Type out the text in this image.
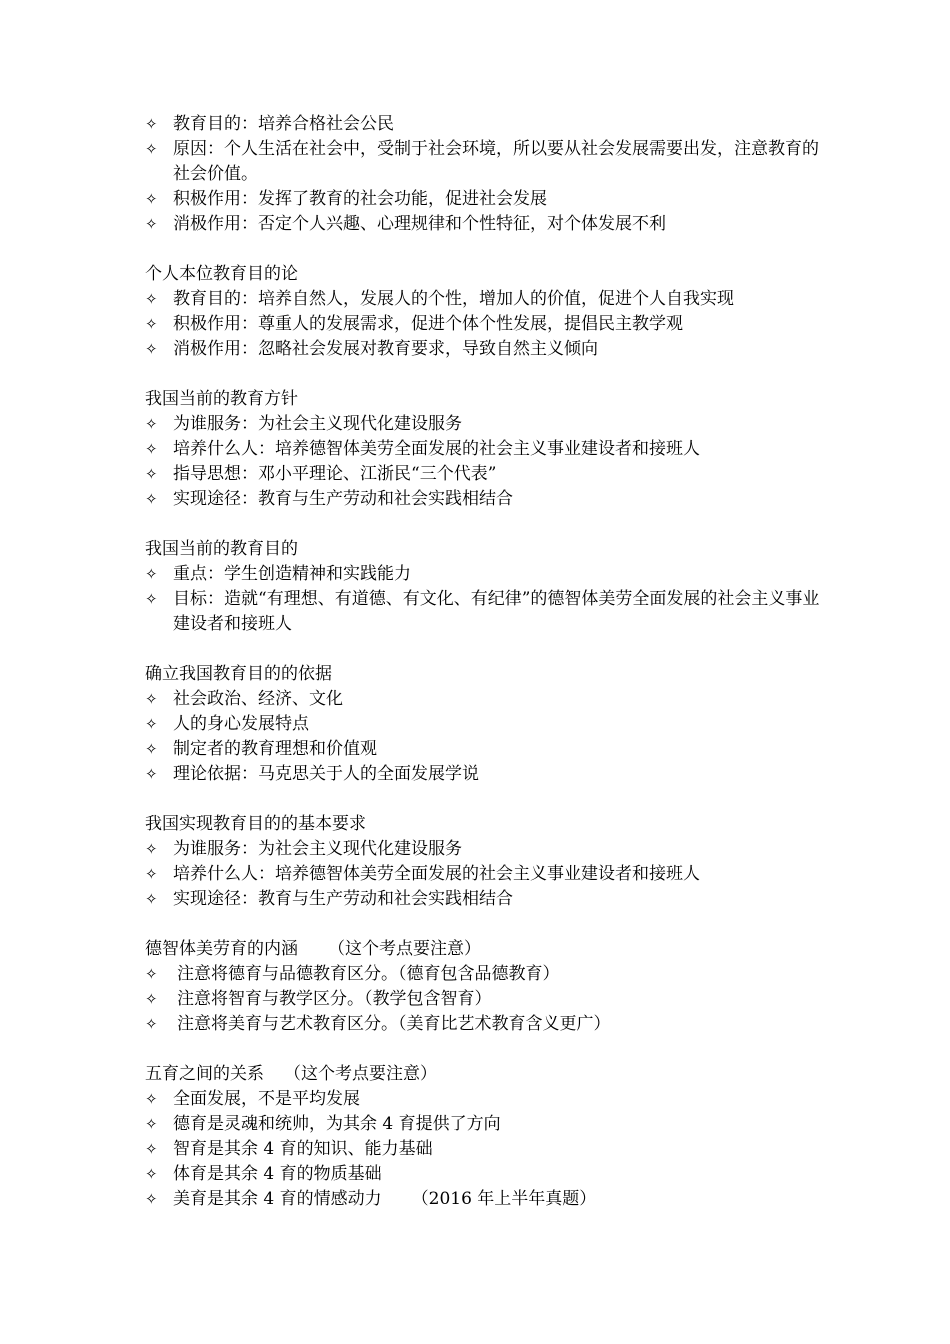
✧ 教育目的：培养合格社会公民
✧ 原因：个人生活在社会中，受制于社会环境，所以要从社会发展需要出发，注意教育的社会价值。
✧ 积极作用：发挥了教育的社会功能，促进社会发展
✧ 消极作用：否定个人兴趣、心理规律和个性特征，对个体发展不利
个人本位教育目的论
✧ 教育目的：培养自然人，发展人的个性，增加人的价值，促进个人自我实现
✧ 积极作用：尊重人的发展需求，促进个体个性发展，提倡民主教学观
✧ 消极作用：忽略社会发展对教育要求，导致自然主义倾向
我国当前的教育方针
✧ 为谁服务：为社会主义现代化建设服务
✧ 培养什么人：培养德智体美劳全面发展的社会主义事业建设者和接班人
✧ 指导思想：邓小平理论、江浙民“三个代表”
✧ 实现途径：教育与生产劳动和社会实践相结合
我国当前的教育目的
✧ 重点：学生创造精神和实践能力
✧ 目标：造就“有理想、有道德、有文化、有纪律”的德智体美劳全面发展的社会主义事业建设者和接班人
确立我国教育目的的依据
✧ 社会政治、经济、文化
✧ 人的身心发展特点
✧ 制定者的教育理想和价值观
✧ 理论依据：马克思关于人的全面发展学说
我国实现教育目的的基本要求
✧ 为谁服务：为社会主义现代化建设服务
✧ 培养什么人：培养德智体美劳全面发展的社会主义事业建设者和接班人
✧ 实现途径：教育与生产劳动和社会实践相结合
德智体美劳育的内涵 （这个考点要注意）
✧	注意将德育与品德教育区分。（德育包含品德教育）
✧	注意将智育与教学区分。（教学包含智育）
✧	注意将美育与艺术教育区分。（美育比艺术教育含义更广）
五育之间的关系 （这个考点要注意）
✧ 全面发展，不是平均发展
✧ 德育是灵魂和统帅，为其余 4 育提供了方向
✧ 智育是其余 4 育的知识、能力基础
✧ 体育是其余 4 育的物质基础
✧ 美育是其余 4 育的情感动力 （2016 年上半年真题）
